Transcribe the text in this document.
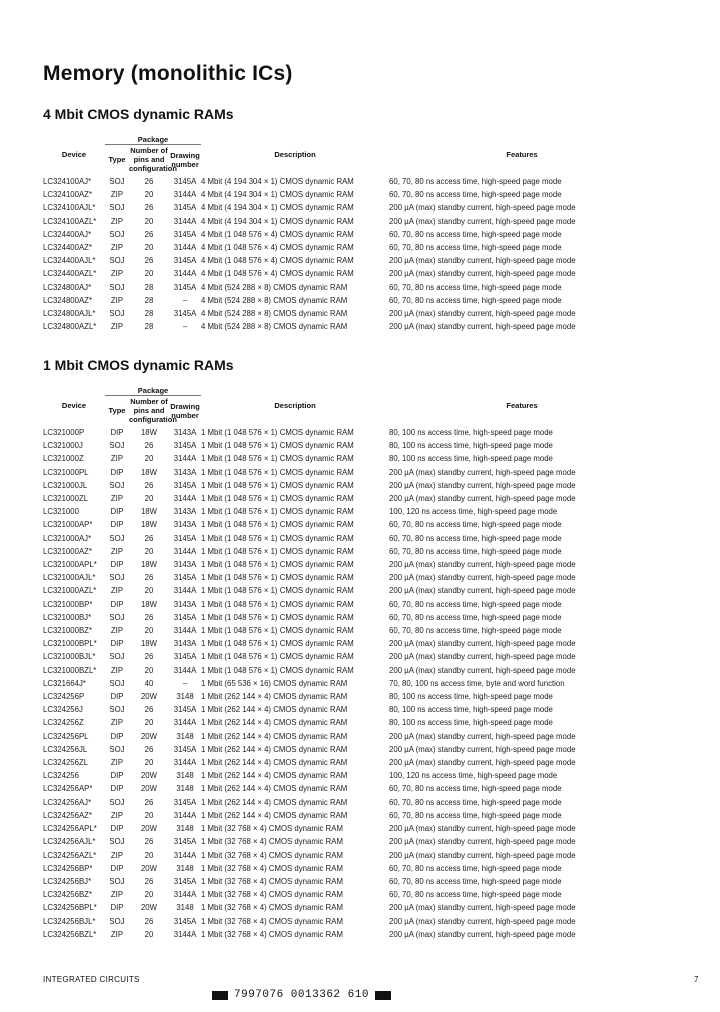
Memory (monolithic ICs)
4 Mbit CMOS dynamic RAMs
Device	Package			Description	Features
	Type	Number of pins and configuration	Drawing number		
LC324100AJ*	SOJ	26	3145A	4 Mbit (4 194 304 × 1) CMOS dynamic RAM	60, 70, 80 ns access time, high-speed page mode
LC324100AZ*	ZIP	20	3144A	4 Mbit (4 194 304 × 1) CMOS dynamic RAM	60, 70, 80 ns access time, high-speed page mode
LC324100AJL*	SOJ	26	3145A	4 Mbit (4 194 304 × 1) CMOS dynamic RAM	200 µA (max) standby current, high-speed page mode
LC324100AZL*	ZIP	20	3144A	4 Mbit (4 194 304 × 1) CMOS dynamic RAM	200 µA (max) standby current, high-speed page mode
LC324400AJ*	SOJ	26	3145A	4 Mbit (1 048 576 × 4) CMOS dynamic RAM	60, 70, 80 ns access time, high-speed page mode
LC324400AZ*	ZIP	20	3144A	4 Mbit (1 048 576 × 4) CMOS dynamic RAM	60, 70, 80 ns access time, high-speed page mode
LC324400AJL*	SOJ	26	3145A	4 Mbit (1 048 576 × 4) CMOS dynamic RAM	200 µA (max) standby current, high-speed page mode
LC324400AZL*	ZIP	20	3144A	4 Mbit (1 048 576 × 4) CMOS dynamic RAM	200 µA (max) standby current, high-speed page mode
LC324800AJ*	SOJ	28	3145A	4 Mbit (524 288 × 8) CMOS dynamic RAM	60, 70, 80 ns access time, high-speed page mode
LC324800AZ*	ZIP	28	–	4 Mbit (524 288 × 8) CMOS dynamic RAM	60, 70, 80 ns access time, high-speed page mode
LC324800AJL*	SOJ	28	3145A	4 Mbit (524 288 × 8) CMOS dynamic RAM	200 µA (max) standby current, high-speed page mode
LC324800AZL*	ZIP	28	–	4 Mbit (524 288 × 8) CMOS dynamic RAM	200 µA (max) standby current, high-speed page mode
1 Mbit CMOS dynamic RAMs
Device	Package			Description	Features
	Type	Number of pins and configuration	Drawing number		
LC321000P	DIP	18W	3143A	1 Mbit (1 048 576 × 1) CMOS dynamic RAM	80, 100 ns access time, high-speed page mode
LC321000J	SOJ	26	3145A	1 Mbit (1 048 576 × 1) CMOS dynamic RAM	80, 100 ns access time, high-speed page mode
LC321000Z	ZIP	20	3144A	1 Mbit (1 048 576 × 1) CMOS dynamic RAM	80, 100 ns access time, high-speed page mode
LC321000PL	DIP	18W	3143A	1 Mbit (1 048 576 × 1) CMOS dynamic RAM	200 µA (max) standby current, high-speed page mode
LC321000JL	SOJ	26	3145A	1 Mbit (1 048 576 × 1) CMOS dynamic RAM	200 µA (max) standby current, high-speed page mode
LC321000ZL	ZIP	20	3144A	1 Mbit (1 048 576 × 1) CMOS dynamic RAM	200 µA (max) standby current, high-speed page mode
LC321000	DIP	18W	3143A	1 Mbit (1 048 576 × 1) CMOS dynamic RAM	100, 120 ns access time, high-speed page mode
LC321000AP*	DIP	18W	3143A	1 Mbit (1 048 576 × 1) CMOS dynamic RAM	60, 70, 80 ns access time, high-speed page mode
LC321000AJ*	SOJ	26	3145A	1 Mbit (1 048 576 × 1) CMOS dynamic RAM	60, 70, 80 ns access time, high-speed page mode
LC321000AZ*	ZIP	20	3144A	1 Mbit (1 048 576 × 1) CMOS dynamic RAM	60, 70, 80 ns access time, high-speed page mode
LC321000APL*	DIP	18W	3143A	1 Mbit (1 048 576 × 1) CMOS dynamic RAM	200 µA (max) standby current, high-speed page mode
LC321000AJL*	SOJ	26	3145A	1 Mbit (1 048 576 × 1) CMOS dynamic RAM	200 µA (max) standby current, high-speed page mode
LC321000AZL*	ZIP	20	3144A	1 Mbit (1 048 576 × 1) CMOS dynamic RAM	200 µA (max) standby current, high-speed page mode
LC321000BP*	DIP	18W	3143A	1 Mbit (1 048 576 × 1) CMOS dynamic RAM	60, 70, 80 ns access time, high-speed page mode
LC321000BJ*	SOJ	26	3145A	1 Mbit (1 048 576 × 1) CMOS dynamic RAM	60, 70, 80 ns access time, high-speed page mode
LC321000BZ*	ZIP	20	3144A	1 Mbit (1 048 576 × 1) CMOS dynamic RAM	60, 70, 80 ns access time, high-speed page mode
LC321000BPL*	DIP	18W	3143A	1 Mbit (1 048 576 × 1) CMOS dynamic RAM	200 µA (max) standby current, high-speed page mode
LC321000BJL*	SOJ	26	3145A	1 Mbit (1 048 576 × 1) CMOS dynamic RAM	200 µA (max) standby current, high-speed page mode
LC321000BZL*	ZIP	20	3144A	1 Mbit (1 048 576 × 1) CMOS dynamic RAM	200 µA (max) standby current, high-speed page mode
LC321664J*	SOJ	40	–	1 Mbit (65 536 × 16) CMOS dynamic RAM	70, 80, 100 ns access time, byte and word function
LC324256P	DIP	20W	3148	1 Mbit (262 144 × 4) CMOS dynamic RAM	80, 100 ns access time, high-speed page mode
LC324256J	SOJ	26	3145A	1 Mbit (262 144 × 4) CMOS dynamic RAM	80, 100 ns access time, high-speed page mode
LC324256Z	ZIP	20	3144A	1 Mbit (262 144 × 4) CMOS dynamic RAM	80, 100 ns access time, high-speed page mode
LC324256PL	DIP	20W	3148	1 Mbit (262 144 × 4) CMOS dynamic RAM	200 µA (max) standby current, high-speed page mode
LC324256JL	SOJ	26	3145A	1 Mbit (262 144 × 4) CMOS dynamic RAM	200 µA (max) standby current, high-speed page mode
LC324256ZL	ZIP	20	3144A	1 Mbit (262 144 × 4) CMOS dynamic RAM	200 µA (max) standby current, high-speed page mode
LC324256	DIP	20W	3148	1 Mbit (262 144 × 4) CMOS dynamic RAM	100, 120 ns access time, high-speed page mode
LC324256AP*	DIP	20W	3148	1 Mbit (262 144 × 4) CMOS dynamic RAM	60, 70, 80 ns access time, high-speed page mode
LC324256AJ*	SOJ	26	3145A	1 Mbit (262 144 × 4) CMOS dynamic RAM	60, 70, 80 ns access time, high-speed page mode
LC324256AZ*	ZIP	20	3144A	1 Mbit (262 144 × 4) CMOS dynamic RAM	60, 70, 80 ns access time, high-speed page mode
LC324256APL*	DIP	20W	3148	1 Mbit (32 768 × 4) CMOS dynamic RAM	200 µA (max) standby current, high-speed page mode
LC324256AJL*	SOJ	26	3145A	1 Mbit (32 768 × 4) CMOS dynamic RAM	200 µA (max) standby current, high-speed page mode
LC324256AZL*	ZIP	20	3144A	1 Mbit (32 768 × 4) CMOS dynamic RAM	200 µA (max) standby current, high-speed page mode
LC324256BP*	DIP	20W	3148	1 Mbit (32 768 × 4) CMOS dynamic RAM	60, 70, 80 ns access time, high-speed page mode
LC324256BJ*	SOJ	26	3145A	1 Mbit (32 768 × 4) CMOS dynamic RAM	60, 70, 80 ns access time, high-speed page mode
LC324256BZ*	ZIP	20	3144A	1 Mbit (32 768 × 4) CMOS dynamic RAM	60, 70, 80 ns access time, high-speed page mode
LC324256BPL*	DIP	20W	3148	1 Mbit (32 768 × 4) CMOS dynamic RAM	200 µA (max) standby current, high-speed page mode
LC324256BJL*	SOJ	26	3145A	1 Mbit (32 768 × 4) CMOS dynamic RAM	200 µA (max) standby current, high-speed page mode
LC324256BZL*	ZIP	20	3144A	1 Mbit (32 768 × 4) CMOS dynamic RAM	200 µA (max) standby current, high-speed page mode
INTEGRATED CIRCUITS	7
7997076 0013362 610
